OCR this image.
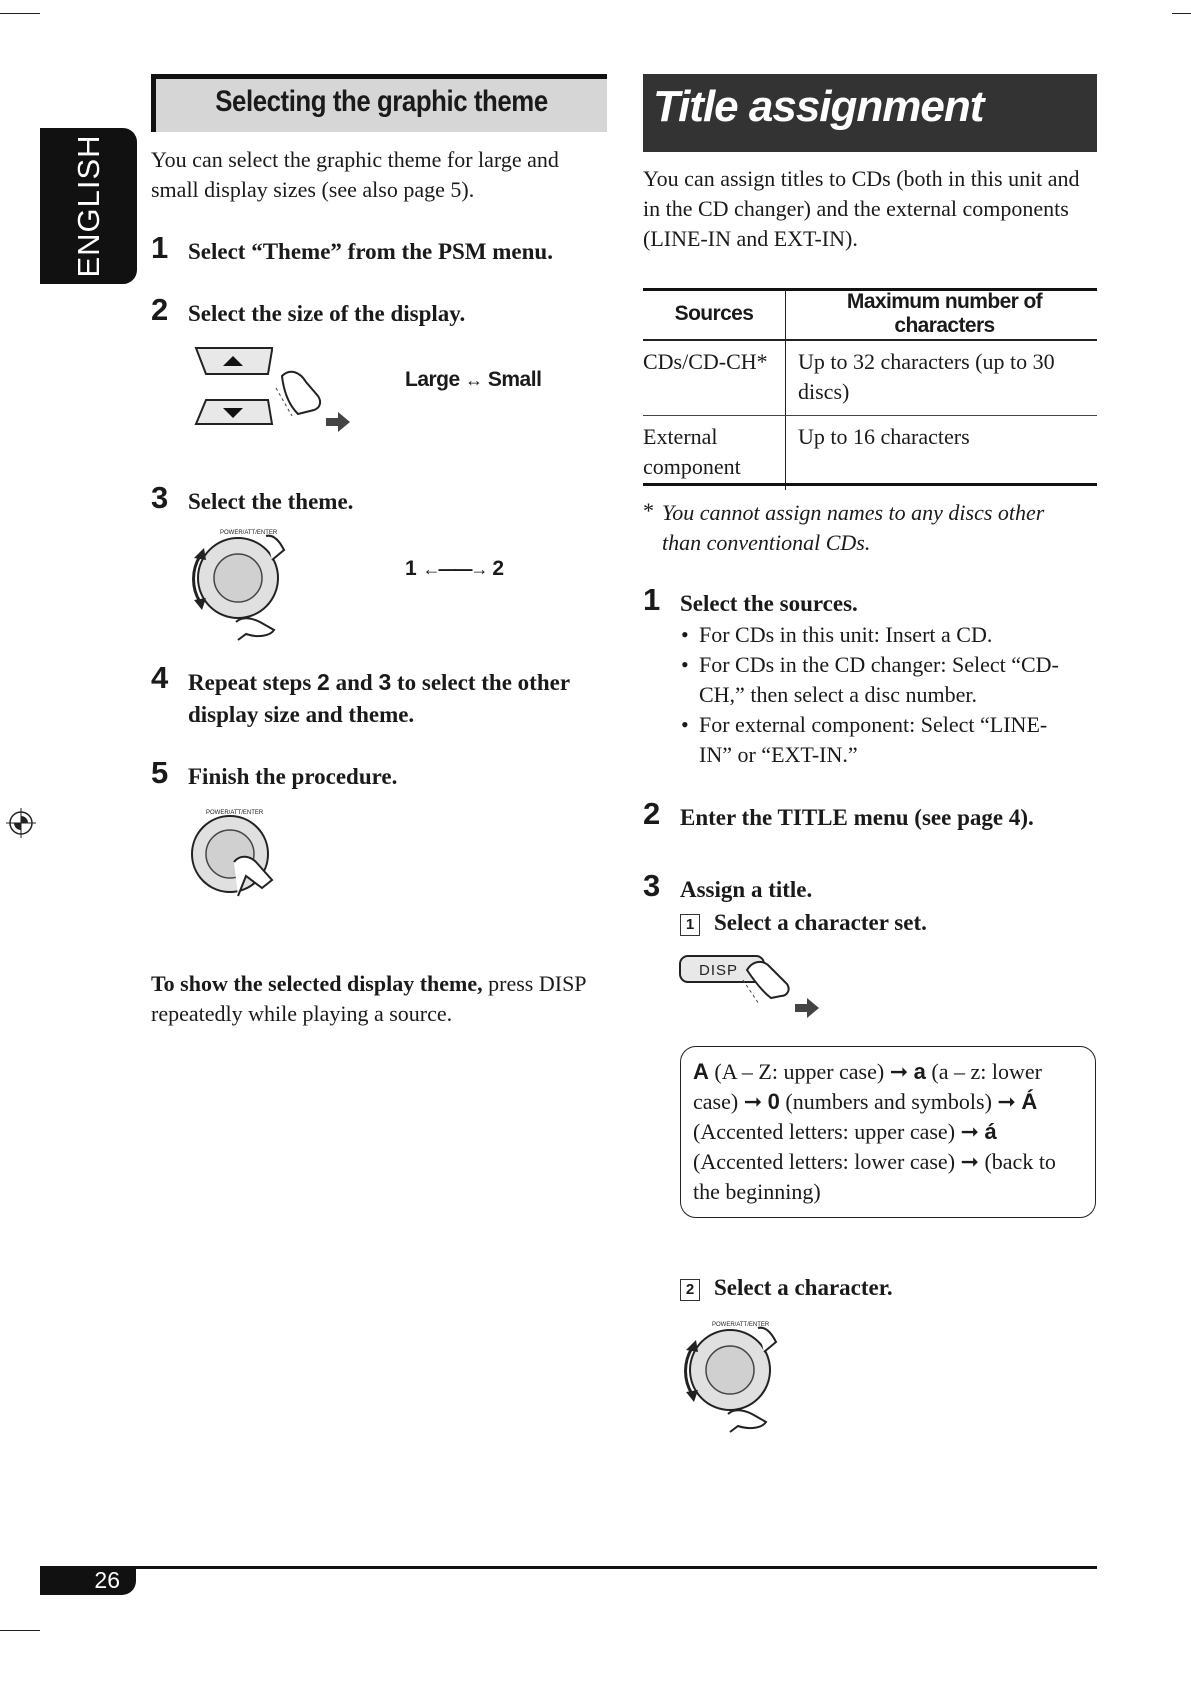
ENGLISH
Selecting the graphic theme
You can select the graphic theme for large and small display sizes (see also page 5).
1 Select “Theme” from the PSM menu.
2 Select the size of the display.
Large ↔ Small
3 Select the theme.
POWER/ATT/ENTER
1 ←——→ 2
4 Repeat steps 2 and 3 to select the other display size and theme.
5 Finish the procedure.
POWER/ATT/ENTER
To show the selected display theme, press DISP repeatedly while playing a source.
Title assignment
You can assign titles to CDs (both in this unit and in the CD changer) and the external components (LINE-IN and EXT-IN).
Sources	Maximum number of characters
CDs/CD-CH*	Up to 32 characters (up to 30 discs)
External component	Up to 16 characters
* You cannot assign names to any discs other than conventional CDs.
1 Select the sources.
• For CDs in this unit: Insert a CD.
• For CDs in the CD changer: Select “CD-CH,” then select a disc number.
• For external component: Select “LINE-IN” or “EXT-IN.”
2 Enter the TITLE menu (see page 4).
3 Assign a title.
1 Select a character set.
DISP
A (A – Z: upper case) ➞ a (a – z: lower case) ➞ 0 (numbers and symbols) ➞ Á (Accented letters: upper case) ➞ á (Accented letters: lower case) ➞ (back to the beginning)
2 Select a character.
POWER/ATT/ENTER
26
